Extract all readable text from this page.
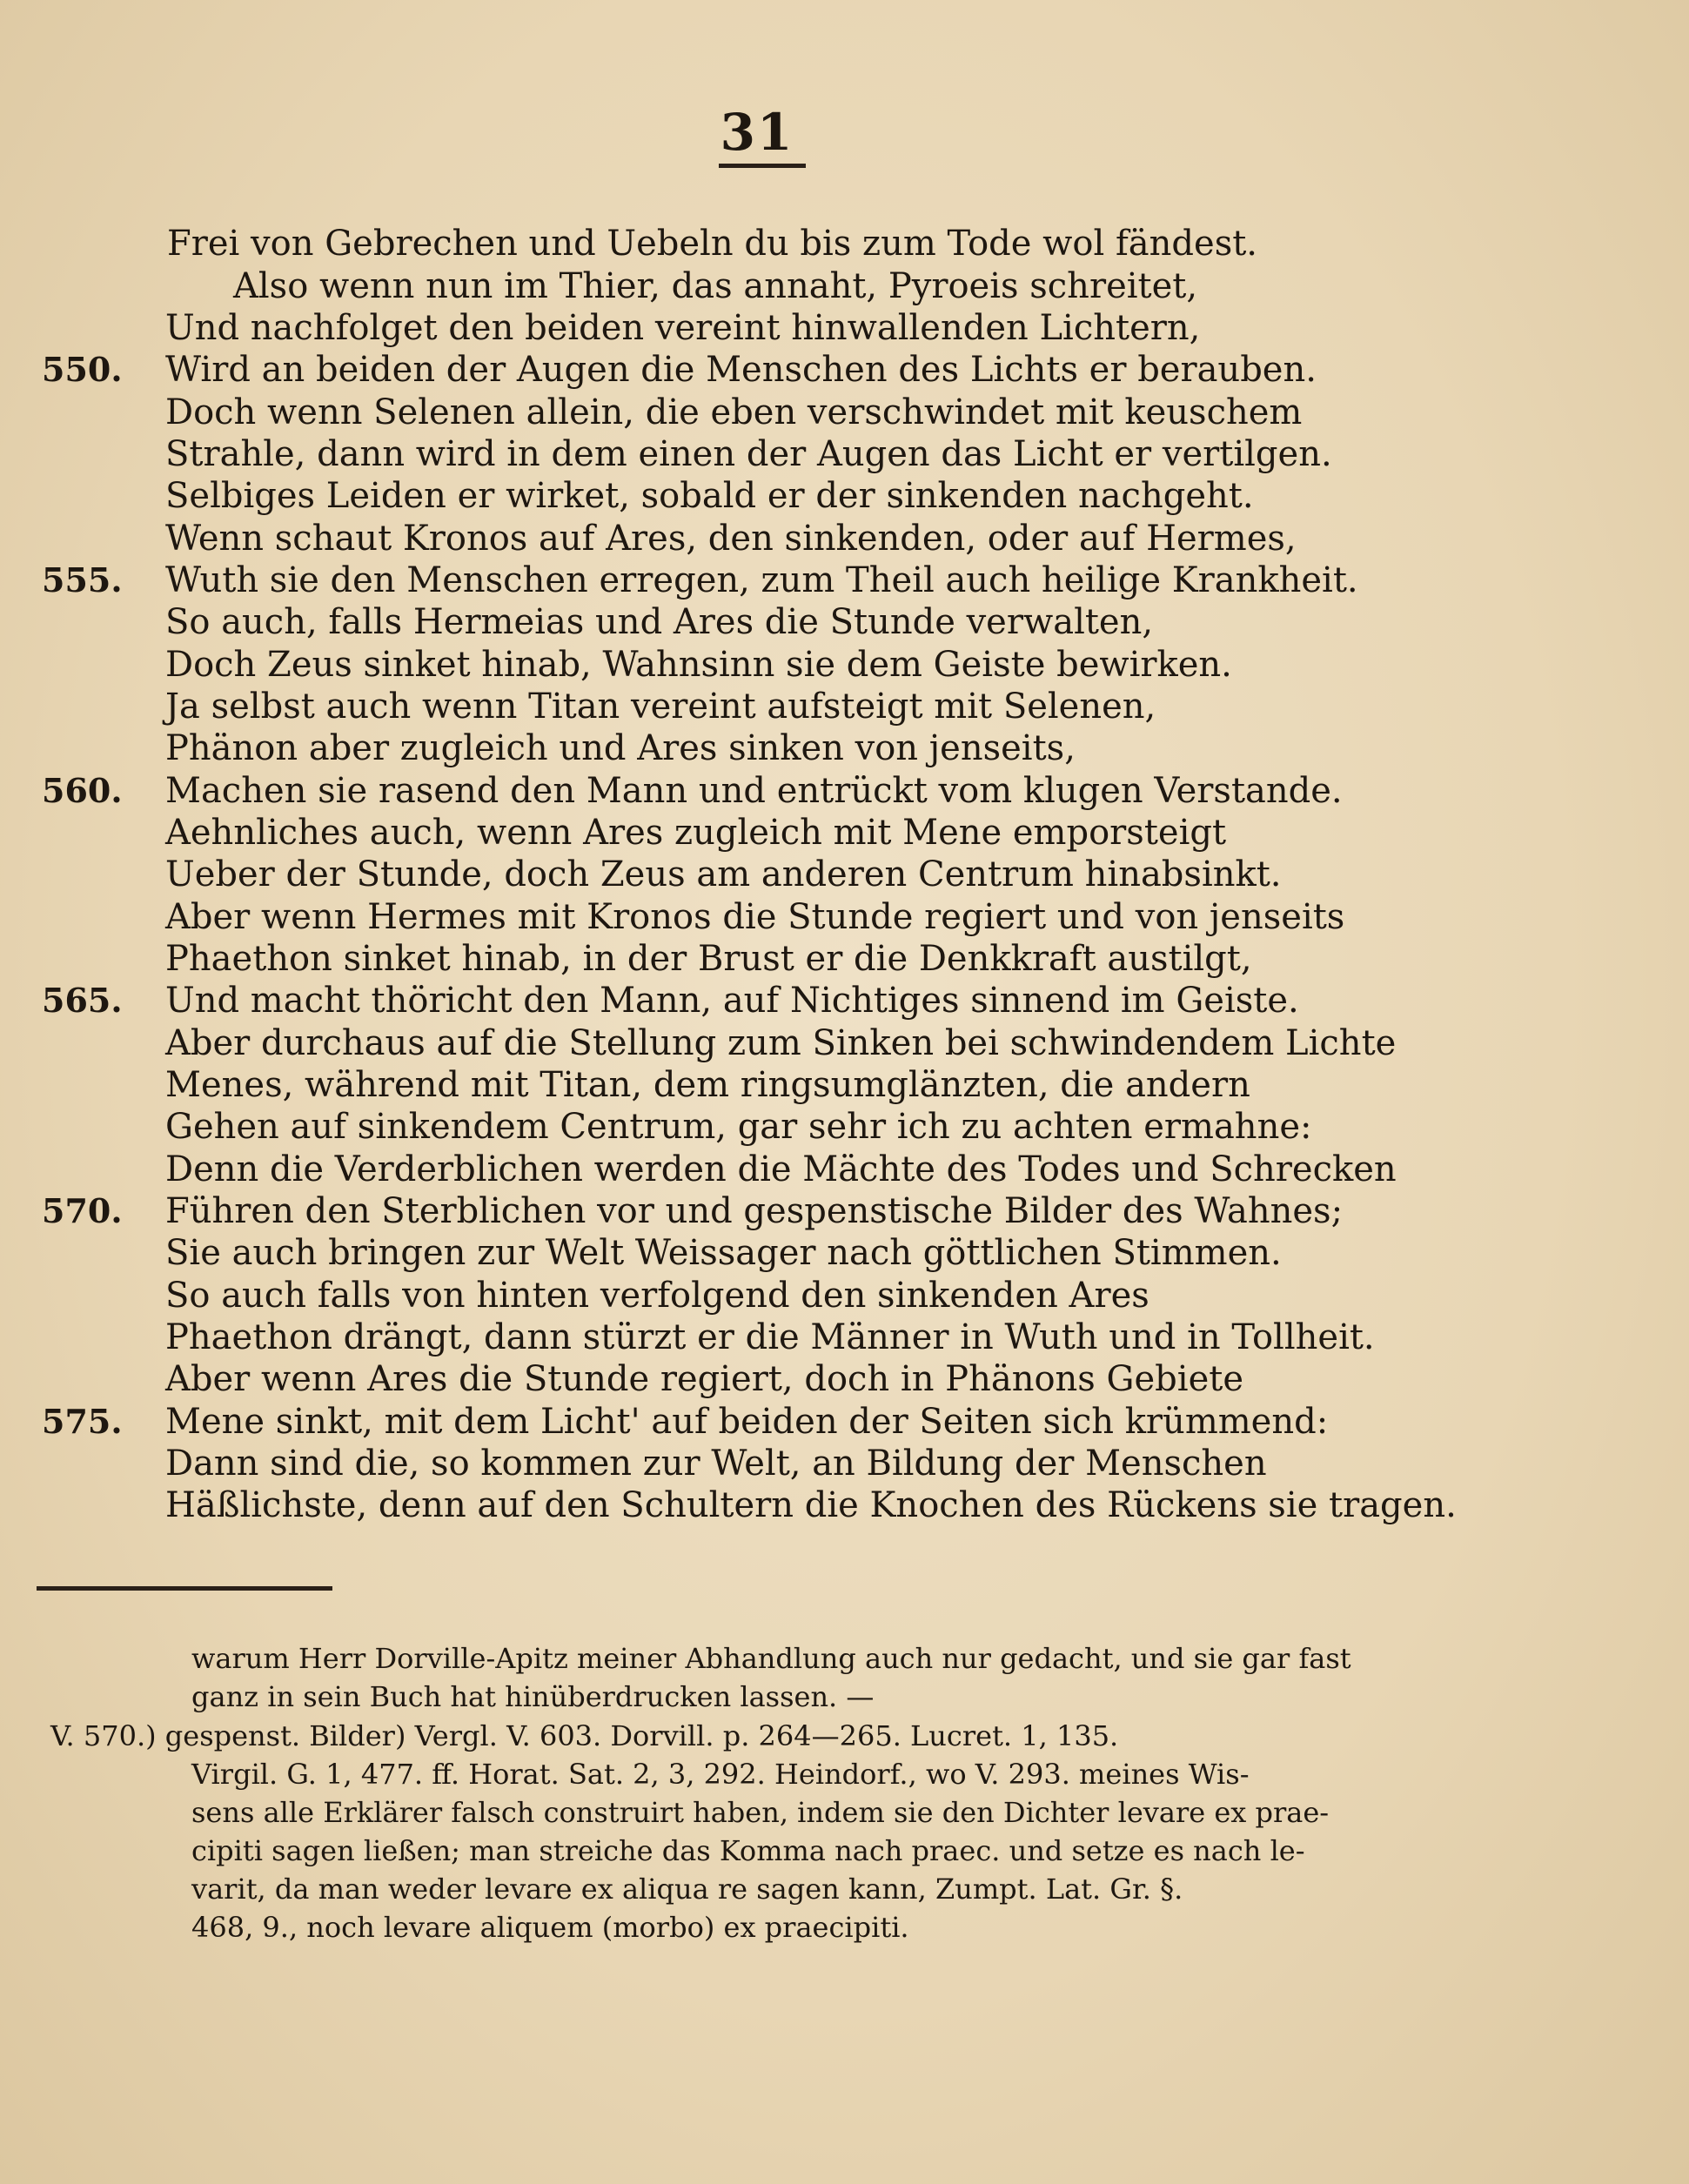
31
Frei von Gebrechen und Uebeln du bis zum Tode wol fändest.
Also wenn nun im Thier, das annaht, Pyroeis schreitet,
Und nachfolget den beiden vereint hinwallenden Lichtern,
550. Wird an beiden der Augen die Menschen des Lichts er berauben.
Doch wenn Selenen allein, die eben verschwindet mit keuschem
Strahle, dann wird in dem einen der Augen das Licht er vertilgen.
Selbiges Leiden er wirket, sobald er der sinkenden nachgeht.
Wenn schaut Kronos auf Ares, den sinkenden, oder auf Hermes,
555. Wuth sie den Menschen erregen, zum Theil auch heilige Krankheit.
So auch, falls Hermeias und Ares die Stunde verwalten,
Doch Zeus sinket hinab, Wahnsinn sie dem Geiste bewirken.
Ja selbst auch wenn Titan vereint aufsteigt mit Selenen,
Phänon aber zugleich und Ares sinken von jenseits,
560. Machen sie rasend den Mann und entrückt vom klugen Verstande.
Aehnliches auch, wenn Ares zugleich mit Mene emporsteigt
Ueber der Stunde, doch Zeus am anderen Centrum hinabsinkt.
Aber wenn Hermes mit Kronos die Stunde regiert und von jenseits
Phaethon sinket hinab, in der Brust er die Denkkraft austilgt,
565. Und macht thöricht den Mann, auf Nichtiges sinnend im Geiste.
Aber durchaus auf die Stellung zum Sinken bei schwindendem Lichte
Menes, während mit Titan, dem ringsumglänzten, die andern
Gehen auf sinkendem Centrum, gar sehr ich zu achten ermahne:
Denn die Verderblichen werden die Mächte des Todes und Schrecken
570. Führen den Sterblichen vor und gespenstische Bilder des Wahnes;
Sie auch bringen zur Welt Weissager nach göttlichen Stimmen.
So auch falls von hinten verfolgend den sinkenden Ares
Phaethon drängt, dann stürzt er die Männer in Wuth und in Tollheit.
Aber wenn Ares die Stunde regiert, doch in Phänons Gebiete
575. Mene sinkt, mit dem Licht' auf beiden der Seiten sich krümmend:
Dann sind die, so kommen zur Welt, an Bildung der Menschen
Häßlichste, denn auf den Schultern die Knochen des Rückens sie tragen.
warum Herr Dorville-Apitz meiner Abhandlung auch nur gedacht, und sie gar fast
ganz in sein Buch hat hinüberdrucken lassen. —
V. 570.) gespenst. Bilder) Vergl. V. 603. Dorvill. p. 264—265. Lucret. 1, 135.
Virgil. G. 1, 477. ff. Horat. Sat. 2, 3, 292. Heindorf., wo V. 293. meines Wis-
sens alle Erklärer falsch construirt haben, indem sie den Dichter levare ex prae-
cipiti sagen ließen; man streiche das Komma nach praec. und setze es nach le-
varit, da man weder levare ex aliqua re sagen kann, Zumpt. Lat. Gr. §.
468, 9., noch levare aliquem (morbo) ex praecipiti.
